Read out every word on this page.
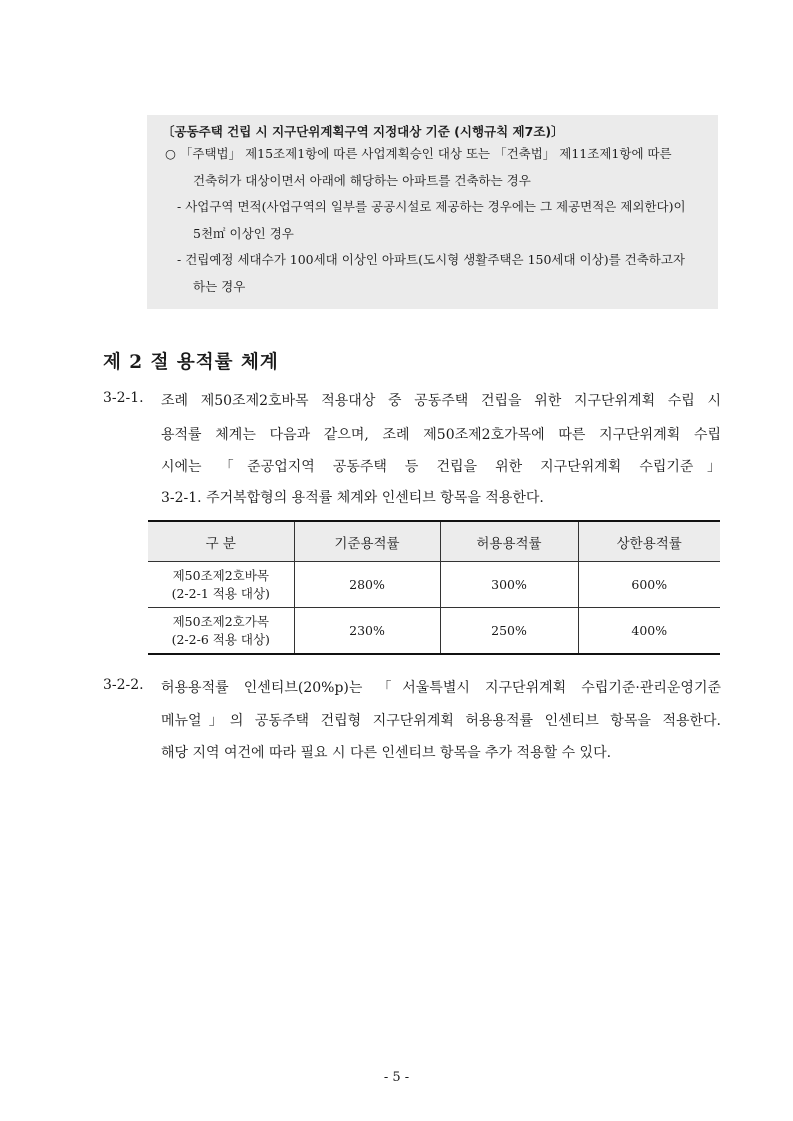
〔공동주택 건립 시 지구단위계획구역 지정대상 기준 (시행규칙 제7조)〕
○ 「주택법」 제15조제1항에 따른 사업계획승인 대상 또는 「건축법」 제11조제1항에 따른
건축허가 대상이면서 아래에 해당하는 아파트를 건축하는 경우
- 사업구역 면적(사업구역의 일부를 공공시설로 제공하는 경우에는 그 제공면적은 제외한다)이
5천㎡ 이상인 경우
- 건립예정 세대수가 100세대 이상인 아파트(도시형 생활주택은 150세대 이상)를 건축하고자
하는 경우
제 2 절 용적률 체계
3-2-1. 조례 제50조제2호바목 적용대상 중 공동주택 건립을 위한 지구단위계획 수립 시
용적률 체계는 다음과 같으며, 조례 제50조제2호가목에 따른 지구단위계획 수립
시에는 「준공업지역 공동주택 등 건립을 위한 지구단위계획 수립기준」
3-2-1. 주거복합형의 용적률 체계와 인센티브 항목을 적용한다.
구 분	기준용적률	허용용적률	상한용적률

제50조제2호바목
(2-2-1 적용 대상)	280%	300%	600%

제50조제2호가목
(2-2-6 적용 대상)	230%	250%	400%
3-2-2. 허용용적률 인센티브(20%p)는 「서울특별시 지구단위계획 수립기준·관리운영기준
메뉴얼」의 공동주택 건립형 지구단위계획 허용용적률 인센티브 항목을 적용한다.
해당 지역 여건에 따라 필요 시 다른 인센티브 항목을 추가 적용할 수 있다.
- 5 -
